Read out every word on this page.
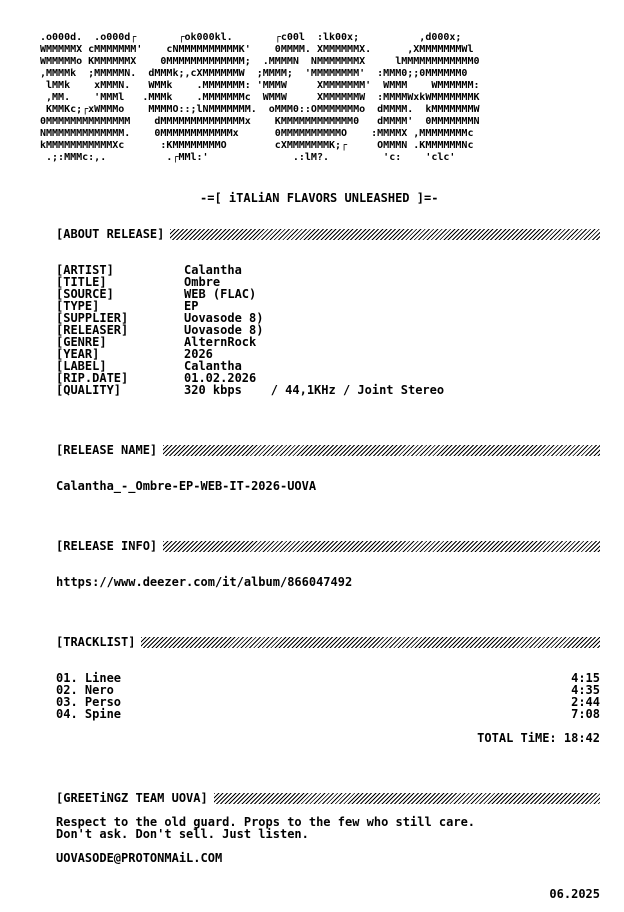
.o000d.  .o000d┌       ┌ok000kl.       ┌c00l  :lk00x;          ,d000x;
WMMMMMX cMMMMMMM'    cNMMMMMMMMMMK'    0MMMM. XMMMMMMX.      ,XMMMMMMMWl
WMMMMMo KMMMMMMX    0MMMMMMMMMMMMM;  .MMMMN  NMMMMMMMX     lMMMMMMMMMMMM0
,MMMMk  ;MMMMMN.  dMMMk;,cXMMMMMMW  ;MMMM;  'MMMMMMMM'  :MMM0;;0MMMMMM0
lMMk    xMMMN.   WMMk    .MMMMMMM: 'MMMW     XMMMMMMM'  WMMM    WMMMMMM:
,MM.    'MMMl   .MMMk    .MMMMMMMc  WMMW     XMMMMMMW  :MMMMWxkWMMMMMMMK
KMMKc;┌xWMMMo    MMMMO::;lNMMMMMMM.  oMMM0::OMMMMMMMo  dMMMM.  kMMMMMMMW
0MMMMMMMMMMMMMM    dMMMMMMMMMMMMMMx    KMMMMMMMMMMMM0   dMMMM'  0MMMMMMMN
NMMMMMMMMMMMMM.    0MMMMMMMMMMMMx      0MMMMMMMMMMO    :MMMMX ,MMMMMMMMc
kMMMMMMMMMMMXc      :KMMMMMMMMO        cXMMMMMMMK;┌     OMMMN .KMMMMMMNc
.;:MMMc:,.          .┌MMl:'              .:lM?.         'c:    'clc'
-=[ iTALiAN FLAVORS UNLEASHED ]=-
[ABOUT RELEASE]
[ARTIST]	Calantha
[TITLE]	Ombre
[SOURCE]	WEB (FLAC)
[TYPE]	EP
[SUPPLIER]	Uovasode 8)
[RELEASER]	Uovasode 8)
[GENRE]	AlternRock
[YEAR]	2026
[LABEL]	Calantha
[RIP.DATE]	01.02.2026
[QUALITY]	320 kbps    / 44,1KHz / Joint Stereo
[RELEASE NAME]
Calantha_-_Ombre-EP-WEB-IT-2026-UOVA
[RELEASE INFO]
https://www.deezer.com/it/album/866047492
[TRACKLIST]
01. Linee	4:15
02. Nero	4:35
03. Perso	2:44
04. Spine	7:08
TOTAL TiME: 18:42
[GREETiNGZ TEAM UOVA]
Respect to the old guard. Props to the few who still care.
Don't ask. Don't sell. Just listen.
UOVASODE@PROTONMAiL.COM
06.2025
